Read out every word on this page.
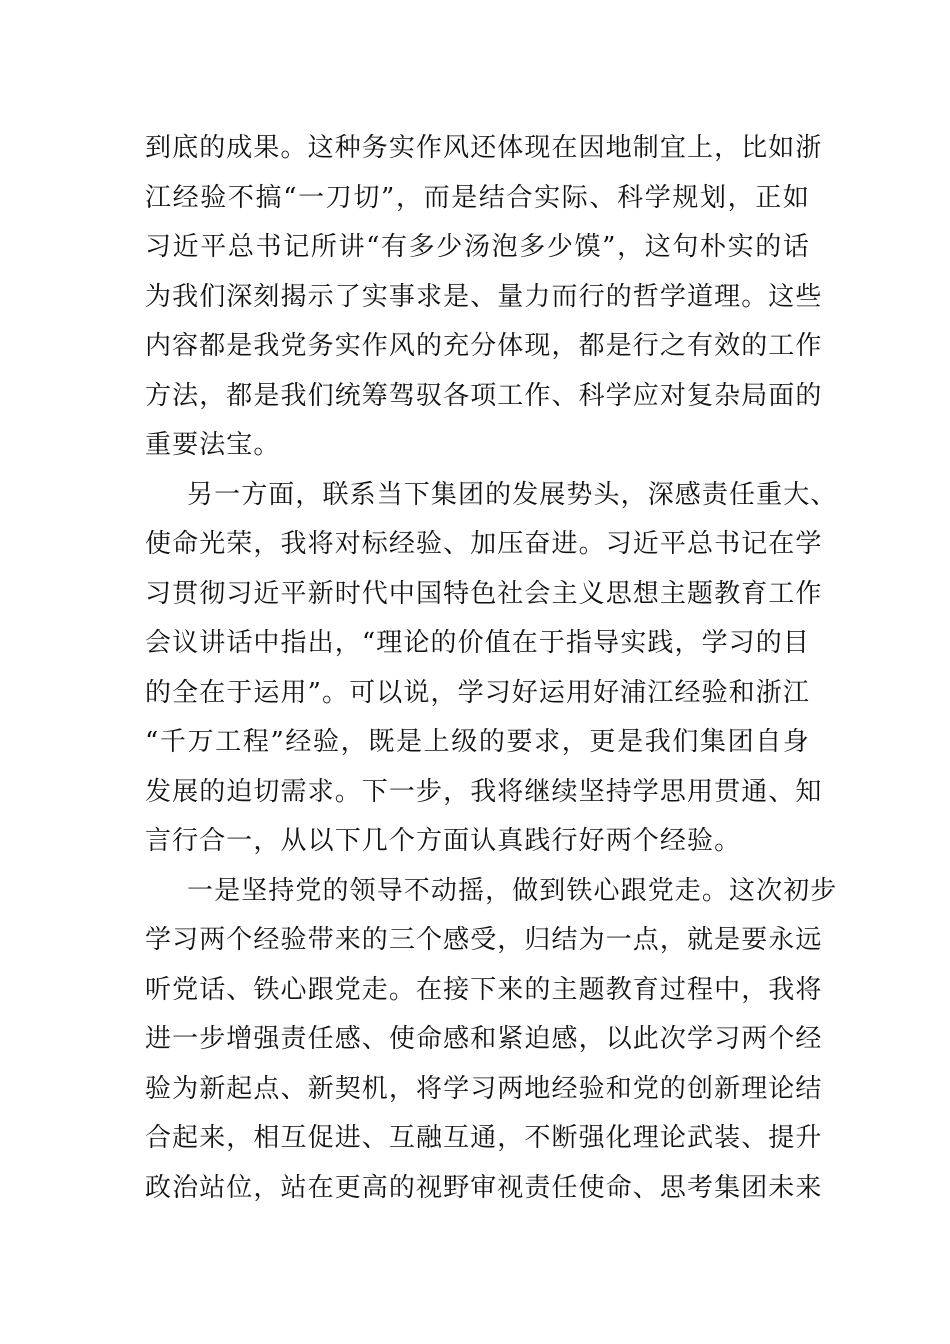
到底的成果。这种务实作风还体现在因地制宜上，比如浙
江经验不搞“一刀切”，而是结合实际、科学规划，正如
习近平总书记所讲“有多少汤泡多少馍”，这句朴实的话
为我们深刻揭示了实事求是、量力而行的哲学道理。这些
内容都是我党务实作风的充分体现，都是行之有效的工作
方法，都是我们统筹驾驭各项工作、科学应对复杂局面的
重要法宝。
另一方面，联系当下集团的发展势头，深感责任重大、
使命光荣，我将对标经验、加压奋进。习近平总书记在学
习贯彻习近平新时代中国特色社会主义思想主题教育工作
会议讲话中指出，“理论的价值在于指导实践，学习的目
的全在于运用”。可以说，学习好运用好浦江经验和浙江
“千万工程”经验，既是上级的要求，更是我们集团自身
发展的迫切需求。下一步，我将继续坚持学思用贯通、知
言行合一，从以下几个方面认真践行好两个经验。
一是坚持党的领导不动摇，做到铁心跟党走。这次初步
学习两个经验带来的三个感受，归结为一点，就是要永远
听党话、铁心跟党走。在接下来的主题教育过程中，我将
进一步增强责任感、使命感和紧迫感，以此次学习两个经
验为新起点、新契机，将学习两地经验和党的创新理论结
合起来，相互促进、互融互通，不断强化理论武装、提升
政治站位，站在更高的视野审视责任使命、思考集团未来
